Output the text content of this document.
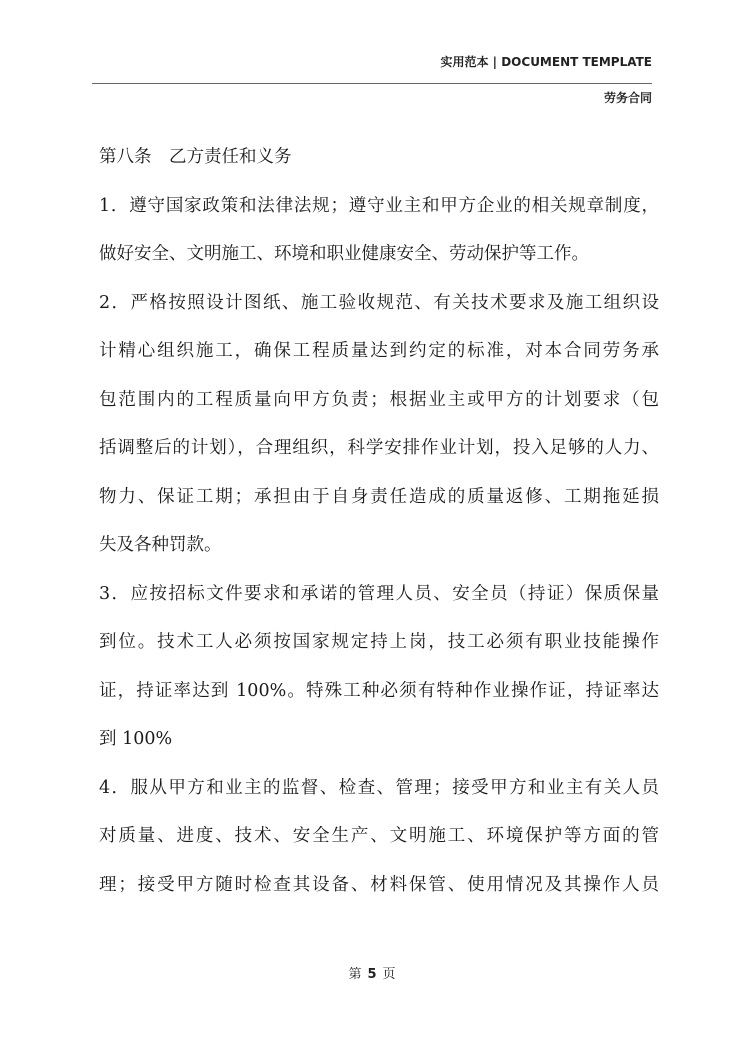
实用范本 | DOCUMENT TEMPLATE
劳务合同
第八条　乙方责任和义务
1．遵守国家政策和法律法规；遵守业主和甲方企业的相关规章制度，
做好安全、文明施工、环境和职业健康安全、劳动保护等工作。
2．严格按照设计图纸、施工验收规范、有关技术要求及施工组织设
计精心组织施工，确保工程质量达到约定的标准，对本合同劳务承
包范围内的工程质量向甲方负责；根据业主或甲方的计划要求（包
括调整后的计划），合理组织，科学安排作业计划，投入足够的人力、
物力、保证工期；承担由于自身责任造成的质量返修、工期拖延损
失及各种罚款。
3．应按招标文件要求和承诺的管理人员、安全员（持证）保质保量
到位。技术工人必须按国家规定持上岗，技工必须有职业技能操作
证，持证率达到 100%。特殊工种必须有特种作业操作证，持证率达
到 100%
4．服从甲方和业主的监督、检查、管理；接受甲方和业主有关人员
对质量、进度、技术、安全生产、文明施工、环境保护等方面的管
理；接受甲方随时检查其设备、材料保管、使用情况及其操作人员
第 5 页
